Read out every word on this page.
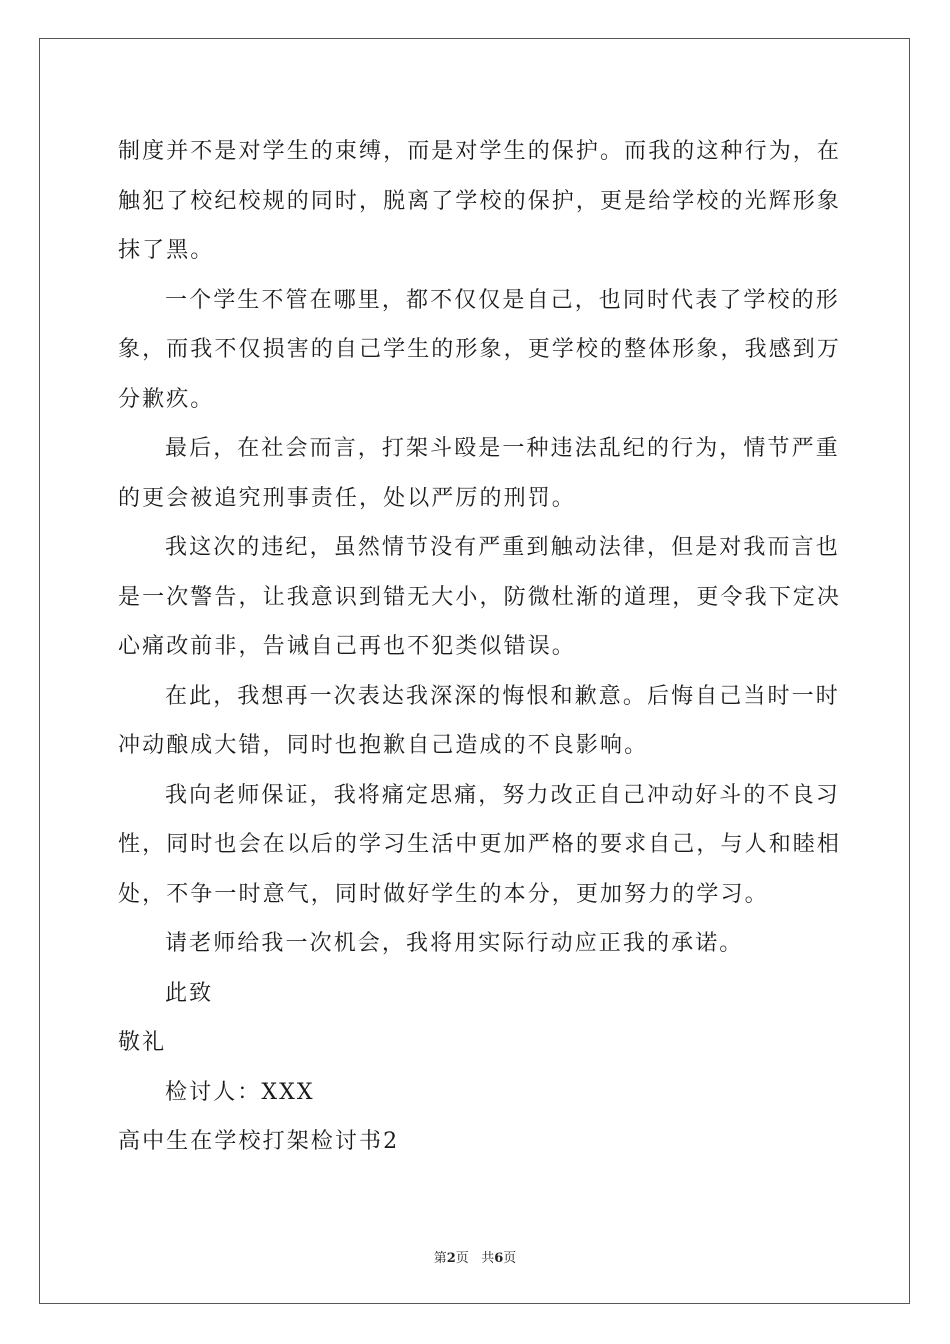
制度并不是对学生的束缚，而是对学生的保护。而我的这种行为，在
触犯了校纪校规的同时，脱离了学校的保护，更是给学校的光辉形象
抹了黑。
一个学生不管在哪里，都不仅仅是自己，也同时代表了学校的形
象，而我不仅损害的自己学生的形象，更学校的整体形象，我感到万
分歉疚。
最后，在社会而言，打架斗殴是一种违法乱纪的行为，情节严重
的更会被追究刑事责任，处以严厉的刑罚。
我这次的违纪，虽然情节没有严重到触动法律，但是对我而言也
是一次警告，让我意识到错无大小，防微杜渐的道理，更令我下定决
心痛改前非，告诫自己再也不犯类似错误。
在此，我想再一次表达我深深的悔恨和歉意。后悔自己当时一时
冲动酿成大错，同时也抱歉自己造成的不良影响。
我向老师保证，我将痛定思痛，努力改正自己冲动好斗的不良习
性，同时也会在以后的学习生活中更加严格的要求自己，与人和睦相
处，不争一时意气，同时做好学生的本分，更加努力的学习。
请老师给我一次机会，我将用实际行动应正我的承诺。
此致
敬礼
检讨人：XXX
高中生在学校打架检讨书2
第2页 共6页
